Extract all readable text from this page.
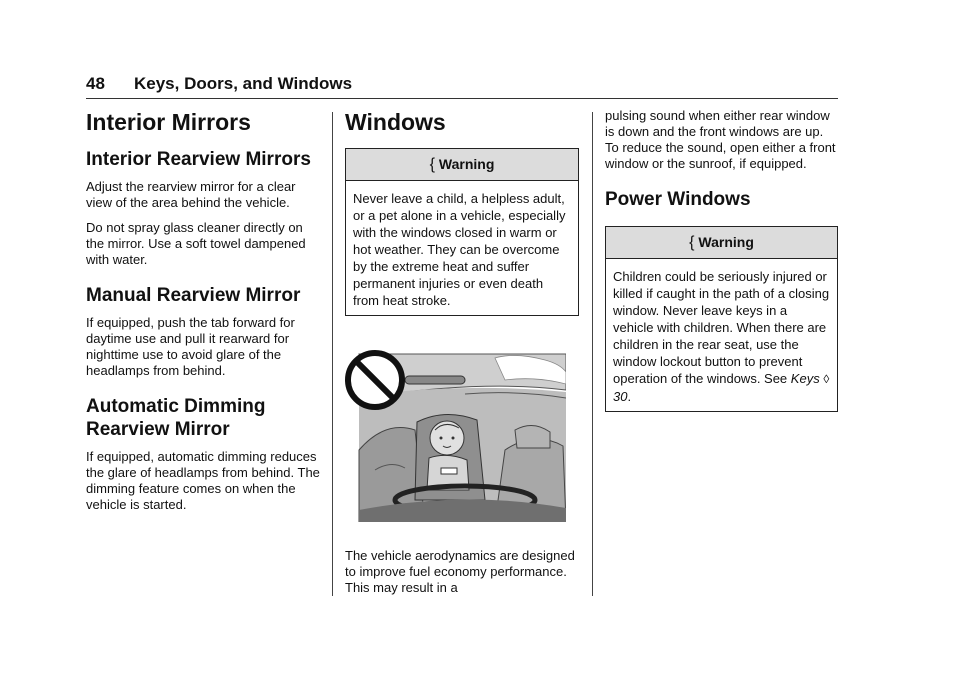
48 Keys, Doors, and Windows
Interior Mirrors
Interior Rearview Mirrors

Adjust the rearview mirror for a clear view of the area behind the vehicle.

Do not spray glass cleaner directly on the mirror. Use a soft towel dampened with water.

Manual Rearview Mirror

If equipped, push the tab forward for daytime use and pull it rearward for nighttime use to avoid glare of the headlamps from behind.

Automatic Dimming Rearview Mirror

If equipped, automatic dimming reduces the glare of headlamps from behind. The dimming feature comes on when the vehicle is started.

Windows
{ Warning
Never leave a child, a helpless adult, or a pet alone in a vehicle, especially with the windows closed in warm or hot weather. They can be overcome by the extreme heat and suffer permanent injuries or even death from heat stroke.

The vehicle aerodynamics are designed to improve fuel economy performance. This may result in a

pulsing sound when either rear window is down and the front windows are up. To reduce the sound, open either a front window or the sunroof, if equipped.

Power Windows
{ Warning
Children could be seriously injured or killed if caught in the path of a closing window. Never leave keys in a vehicle with children. When there are children in the rear seat, use the window lockout button to prevent operation of the windows. See Keys ◊ 30.
